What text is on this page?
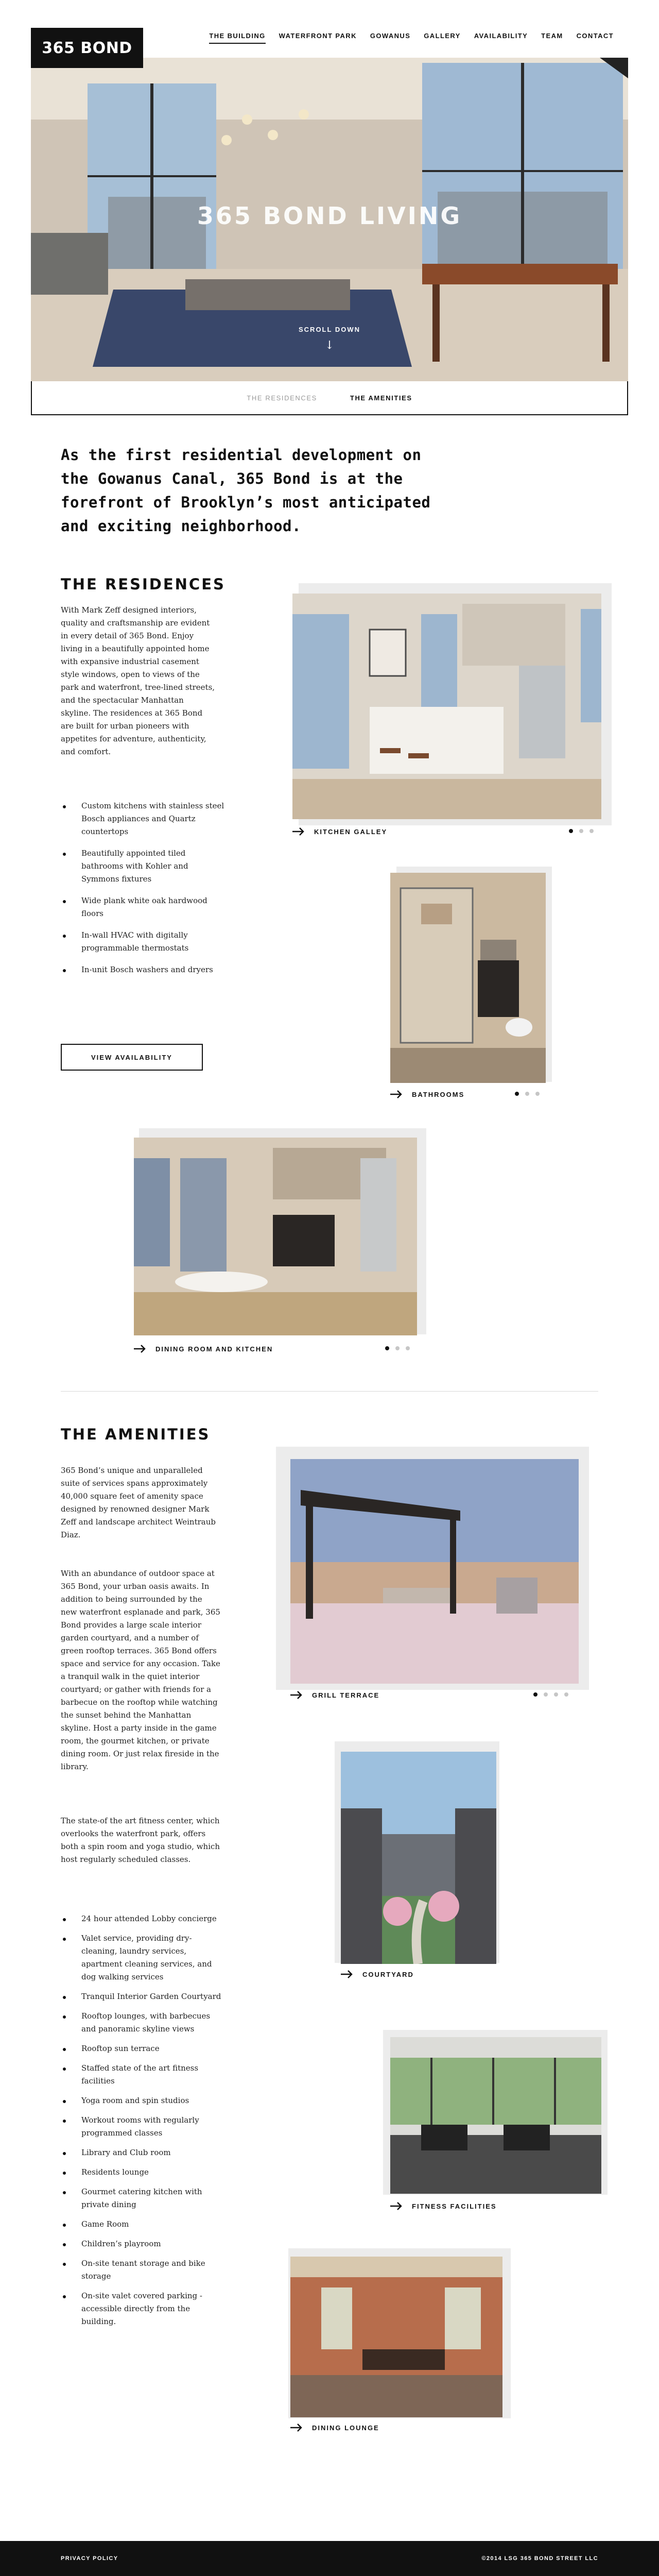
365 BOND
THE BUILDING WATERFRONT PARK GOWANUS GALLERY AVAILABILITY TEAM CONTACT
365 BOND LIVING
SCROLL DOWN
↓
THE RESIDENCES	THE AMENITIES

As the first residential development on the Gowanus Canal, 365 Bond is at the forefront of Brooklyn’s most anticipated and exciting neighborhood.

THE RESIDENCES

With Mark Zeff designed interiors, quality and craftsmanship are evident in every detail of 365 Bond. Enjoy living in a beautifully appointed home with expansive industrial casement style windows, open to views of the park and waterfront, tree-lined streets, and the spectacular Manhattan skyline. The residences at 365 Bond are built for urban pioneers with appetites for adventure, authenticity, and comfort.

Custom kitchens with stainless steel Bosch appliances and Quartz countertops
Beautifully appointed tiled bathrooms with Kohler and Symmons fixtures
Wide plank white oak hardwood floors
In-wall HVAC with digitally programmable thermostats
In-unit Bosch washers and dryers
VIEW AVAILABILITY
KITCHEN GALLEY
BATHROOMS
DINING ROOM AND KITCHEN
THE AMENITIES

365 Bond’s unique and unparalleled suite of services spans approximately 40,000 square feet of amenity space designed by renowned designer Mark Zeff and landscape architect Weintraub Diaz.

With an abundance of outdoor space at 365 Bond, your urban oasis awaits. In addition to being surrounded by the new waterfront esplanade and park, 365 Bond provides a large scale interior garden courtyard, and a number of green rooftop terraces. 365 Bond offers space and service for any occasion. Take a tranquil walk in the quiet interior courtyard; or gather with friends for a barbecue on the rooftop while watching the sunset behind the Manhattan skyline. Host a party inside in the game room, the gourmet kitchen, or private dining room. Or just relax fireside in the library.

The state-of the art fitness center, which overlooks the waterfront park, offers both a spin room and yoga studio, which host regularly scheduled classes.

24 hour attended Lobby concierge
Valet service, providing dry-cleaning, laundry services, apartment cleaning services, and dog walking services
Tranquil Interior Garden Courtyard
Rooftop lounges, with barbecues and panoramic skyline views
Rooftop sun terrace
Staffed state of the art fitness facilities
Yoga room and spin studios
Workout rooms with regularly programmed classes
Library and Club room
Residents lounge
Gourmet catering kitchen with private dining
Game Room
Children’s playroom
On-site tenant storage and bike storage
On-site valet covered parking - accessible directly from the building.
GRILL TERRACE
COURTYARD
FITNESS FACILITIES
DINING LOUNGE
PRIVACY POLICY	©2014 LSG 365 BOND STREET LLC
